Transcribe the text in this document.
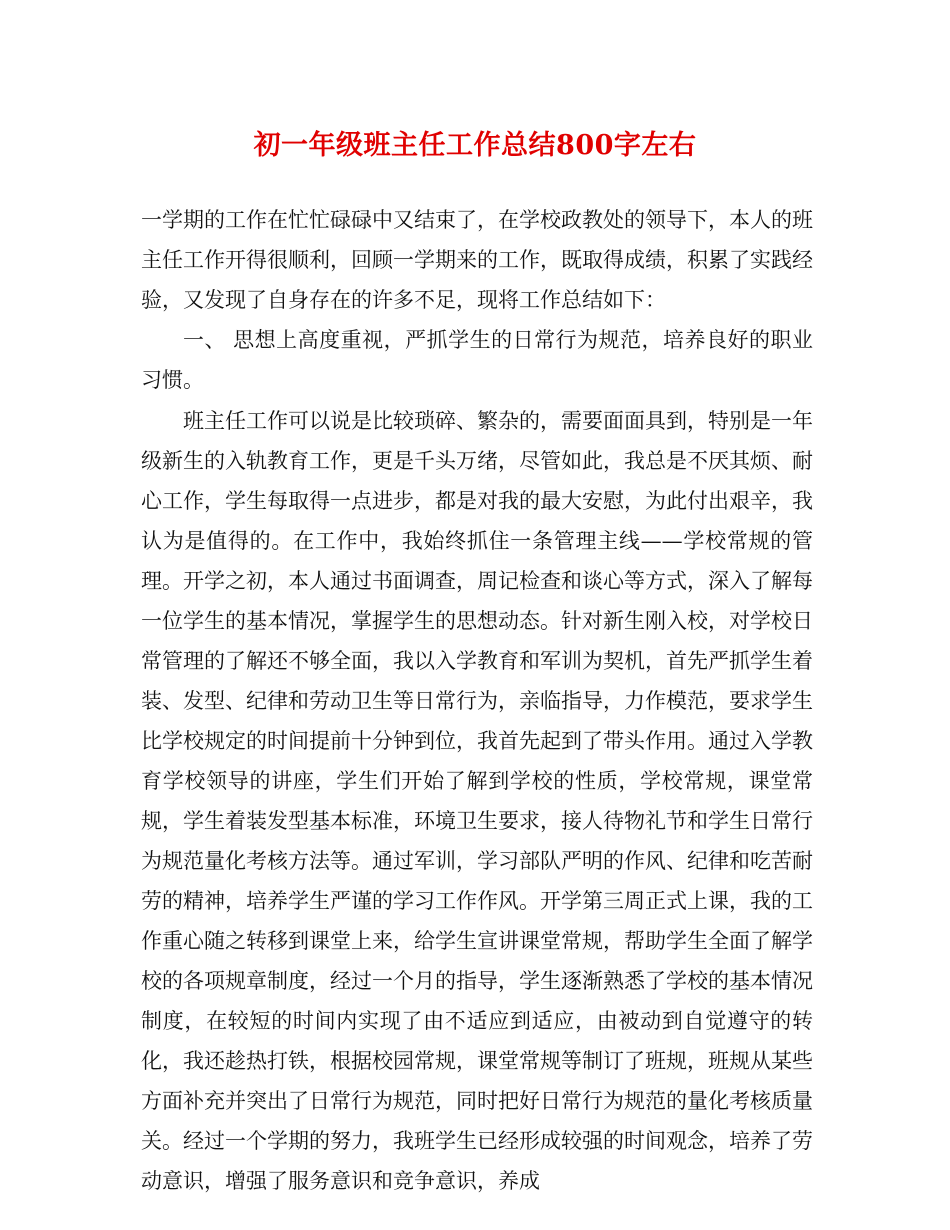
初一年级班主任工作总结800字左右

一学期的工作在忙忙碌碌中又结束了，在学校政教处的领导下，本人的班主任工作开得很顺利，回顾一学期来的工作，既取得成绩，积累了实践经验，又发现了自身存在的许多不足，现将工作总结如下：

一、 思想上高度重视，严抓学生的日常行为规范，培养良好的职业习惯。

班主任工作可以说是比较琐碎、繁杂的，需要面面具到，特别是一年级新生的入轨教育工作，更是千头万绪，尽管如此，我总是不厌其烦、耐心工作，学生每取得一点进步，都是对我的最大安慰，为此付出艰辛，我认为是值得的。在工作中，我始终抓住一条管理主线——学校常规的管理。开学之初，本人通过书面调查，周记检查和谈心等方式，深入了解每一位学生的基本情况，掌握学生的思想动态。针对新生刚入校，对学校日常管理的了解还不够全面，我以入学教育和军训为契机，首先严抓学生着装、发型、纪律和劳动卫生等日常行为，亲临指导，力作模范，要求学生比学校规定的时间提前十分钟到位，我首先起到了带头作用。通过入学教育学校领导的讲座，学生们开始了解到学校的性质，学校常规，课堂常规，学生着装发型基本标准，环境卫生要求，接人待物礼节和学生日常行为规范量化考核方法等。通过军训，学习部队严明的作风、纪律和吃苦耐劳的精神，培养学生严谨的学习工作作风。开学第三周正式上课，我的工作重心随之转移到课堂上来，给学生宣讲课堂常规，帮助学生全面了解学校的各项规章制度，经过一个月的指导，学生逐渐熟悉了学校的基本情况制度，在较短的时间内实现了由不适应到适应，由被动到自觉遵守的转化，我还趁热打铁，根据校园常规，课堂常规等制订了班规，班规从某些方面补充并突出了日常行为规范，同时把好日常行为规范的量化考核质量关。经过一个学期的努力，我班学生已经形成较强的时间观念，培养了劳动意识，增强了服务意识和竞争意识，养成
